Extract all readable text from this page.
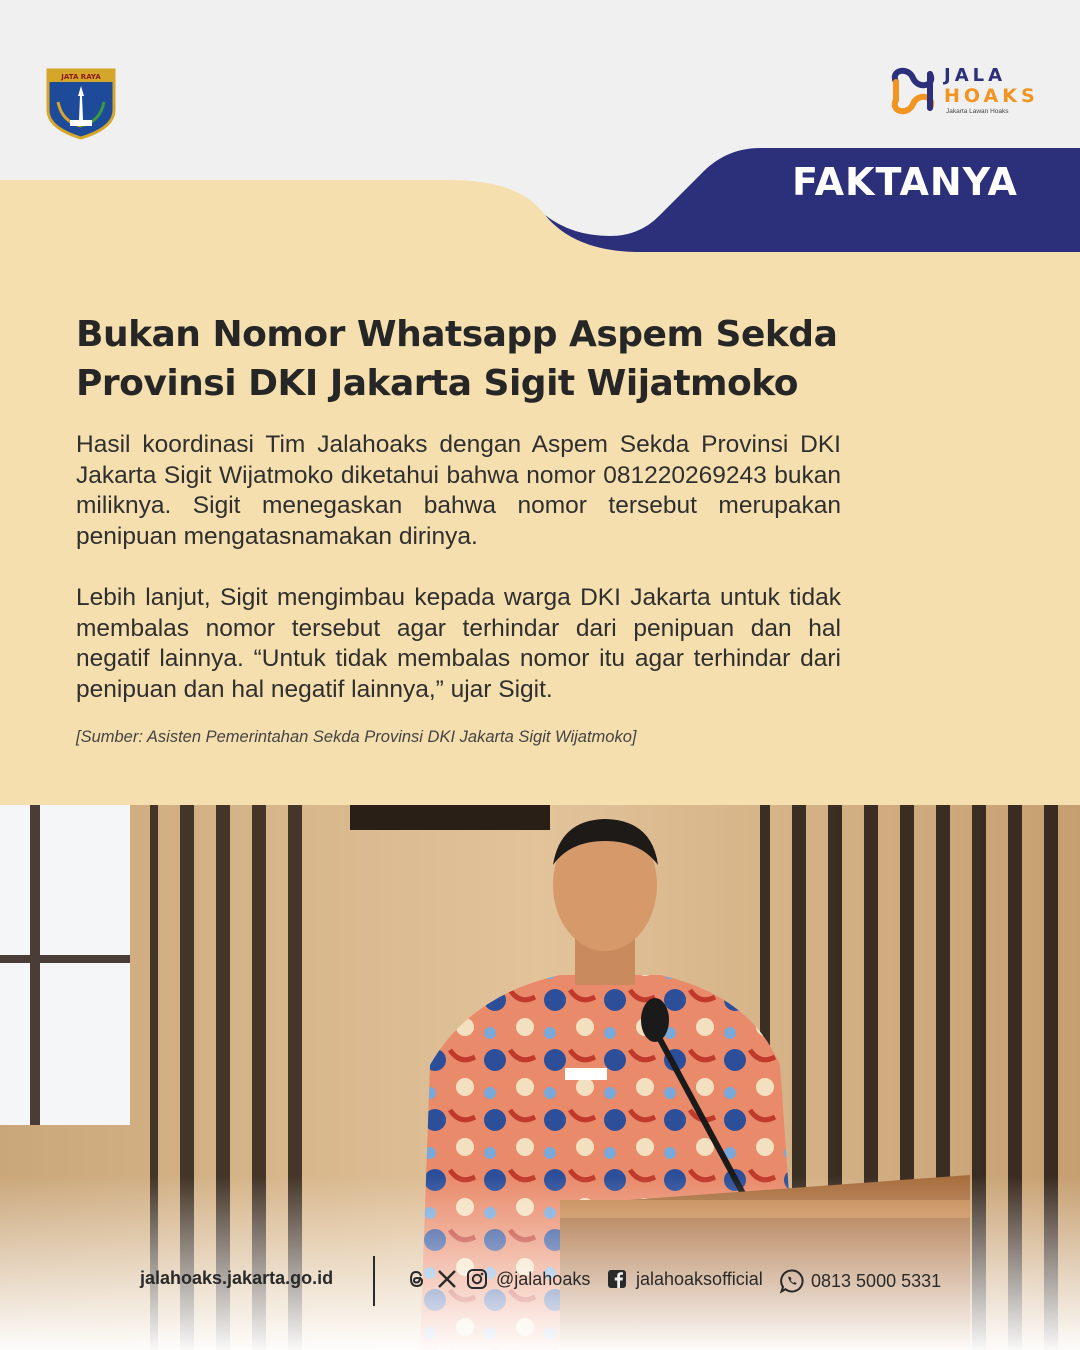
JATA RAYA	JALA
HOAKS
Jakarta Lawan Hoaks
FAKTANYA
Bukan Nomor Whatsapp Aspem Sekda Provinsi DKI Jakarta Sigit Wijatmoko
Hasil koordinasi Tim Jalahoaks dengan Aspem Sekda Provinsi DKI Jakarta Sigit Wijatmoko diketahui bahwa nomor 081220269243 bukan miliknya. Sigit menegaskan bahwa nomor tersebut merupakan penipuan mengatasnamakan dirinya.
Lebih lanjut, Sigit mengimbau kepada warga DKI Jakarta untuk tidak membalas nomor tersebut agar terhindar dari penipuan dan hal negatif lainnya. “Untuk tidak membalas nomor itu agar terhindar dari penipuan dan hal negatif lainnya,” ujar Sigit.
[Sumber: Asisten Pemerintahan Sekda Provinsi DKI Jakarta Sigit Wijatmoko]
jalahoaks.jakarta.go.id	@jalahoaks	jalahoaksofficial	0813 5000 5331
